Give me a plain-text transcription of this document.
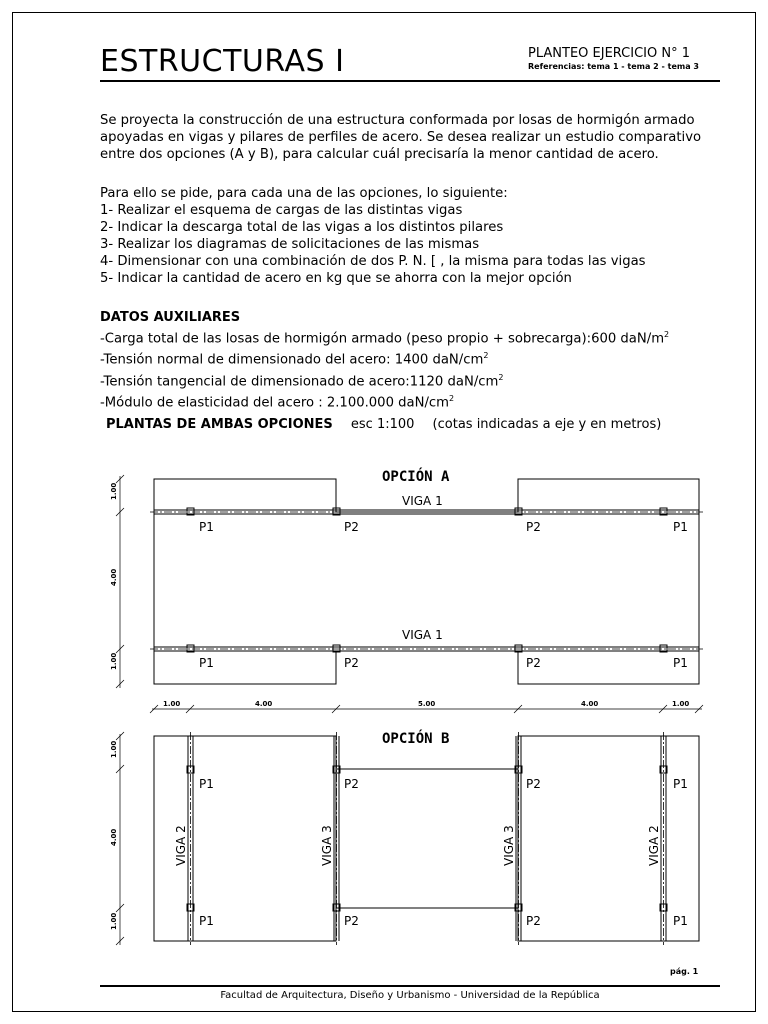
ESTRUCTURAS I	PLANTEO EJERCICIO N° 1
Referencias: tema 1 - tema 2 - tema 3

Se proyecta la construcción de una estructura conformada por losas de hormigón armado

apoyadas en vigas y pilares de perfiles de acero. Se desea realizar un estudio comparativo

entre dos opciones (A y B), para calcular cuál precisaría la menor cantidad de acero.

Para ello se pide, para cada una de las opciones, lo siguiente:

1- Realizar el esquema de cargas de las distintas vigas

2- Indicar la descarga total de las vigas a los distintos pilares

3- Realizar los diagramas de solicitaciones de las mismas

4- Dimensionar con una combinación de dos P. N. [ , la misma para todas las vigas

5- Indicar la cantidad de acero en kg que se ahorra con la mejor opción

DATOS AUXILIARES

-Carga total de las losas de hormigón armado (peso propio + sobrecarga):600 daN/$m^2$

-Tensión normal de dimensionado del acero: 1400 daN/$cm^2$

-Tensión tangencial de dimensionado de acero:1120 daN/$cm^2$

-Módulo de elasticidad del acero : 2.100.000 daN/$cm^2$

PLANTAS DE AMBAS OPCIONES esc 1:100 (cotas indicadas a eje y en metros)
OPCIÓN A
VIGA 1
VIGA 1
P1	P2	P2	P1
P1	P2	P2	P1
1.00
4.00
1.00
1.00	4.00	5.00	4.00	1.00
OPCIÓN B
VIGA 2	VIGA 3	VIGA 3	VIGA 2
P1	P2	P2	P1
P1	P2	P2	P1
1.00
4.00
1.00
pág. 1
Facultad de Arquitectura, Diseño y Urbanismo - Universidad de la República
